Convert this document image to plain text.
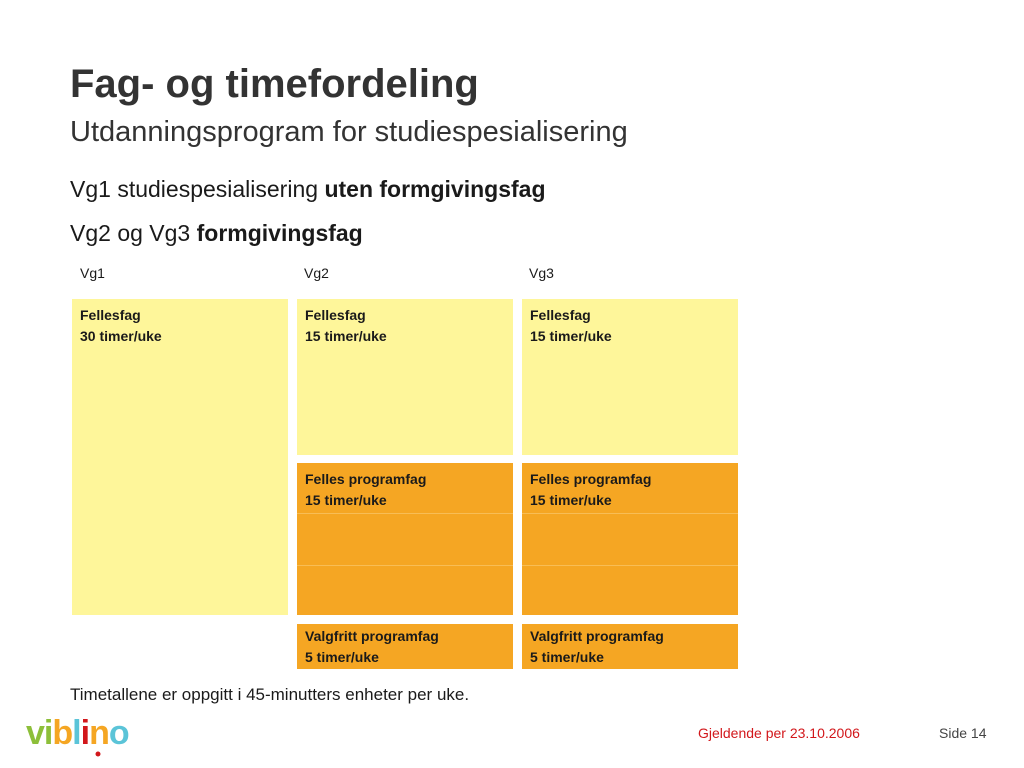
Fag- og timefordeling
Utdanningsprogram for studiespesialisering
Vg1 studiespesialisering uten formgivingsfag
Vg2 og Vg3 formgivingsfag
Vg1	Vg2	Vg3
Fellesfag
30 timer/uke
Fellesfag
15 timer/uke
Felles programfag
15 timer/uke
Valgfritt programfag
5 timer/uke
Fellesfag
15 timer/uke
Felles programfag
15 timer/uke
Valgfritt programfag
5 timer/uke
Timetallene er oppgitt i 45-minutters enheter per uke.
viblino	Gjeldende per 23.10.2006	Side 14
